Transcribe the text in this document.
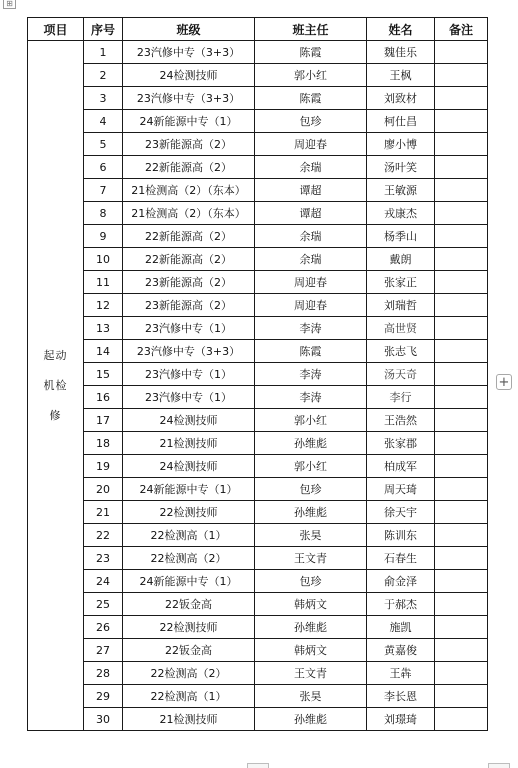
⊞
项目	序号	班级	班主任	姓名	备注

起动机检修	1	23汽修中专（3+3）	陈霞	魏佳乐	
	2	24检测技师	郭小红	王枫	
	3	23汽修中专（3+3）	陈霞	刘致材	
	4	24新能源中专（1）	包珍	柯仕昌	
	5	23新能源高（2）	周迎春	廖小博	
	6	22新能源高（2）	余瑞	汤叶笑	
	7	21检测高（2）（东本）	谭超	王敏源	
	8	21检测高（2）（东本）	谭超	戎康杰	
	9	22新能源高（2）	余瑞	杨季山	
	10	22新能源高（2）	余瑞	戴朗	
	11	23新能源高（2）	周迎春	张家正	
	12	23新能源高（2）	周迎春	刘瑞哲	
	13	23汽修中专（1）	李涛	高世贤	
	14	23汽修中专（3+3）	陈霞	张志飞	
	15	23汽修中专（1）	李涛	汤天奇	
	16	23汽修中专（1）	李涛	李行	
	17	24检测技师	郭小红	王浩然	
	18	21检测技师	孙维彪	张家郡	
	19	24检测技师	郭小红	柏成军	
	20	24新能源中专（1）	包珍	周天琦	
	21	22检测技师	孙维彪	徐天宇	
	22	22检测高（1）	张昊	陈训东	
	23	22检测高（2）	王文青	石春生	
	24	24新能源中专（1）	包珍	俞金泽	
	25	22钣金高	韩炳文	于郝杰	
	26	22检测技师	孙维彪	施凯	
	27	22钣金高	韩炳文	黄嘉俊	
	28	22检测高（2）	王文青	王犇	
	29	22检测高（1）	张昊	李长恩	
	30	21检测技师	孙维彪	刘璟琦	
+
